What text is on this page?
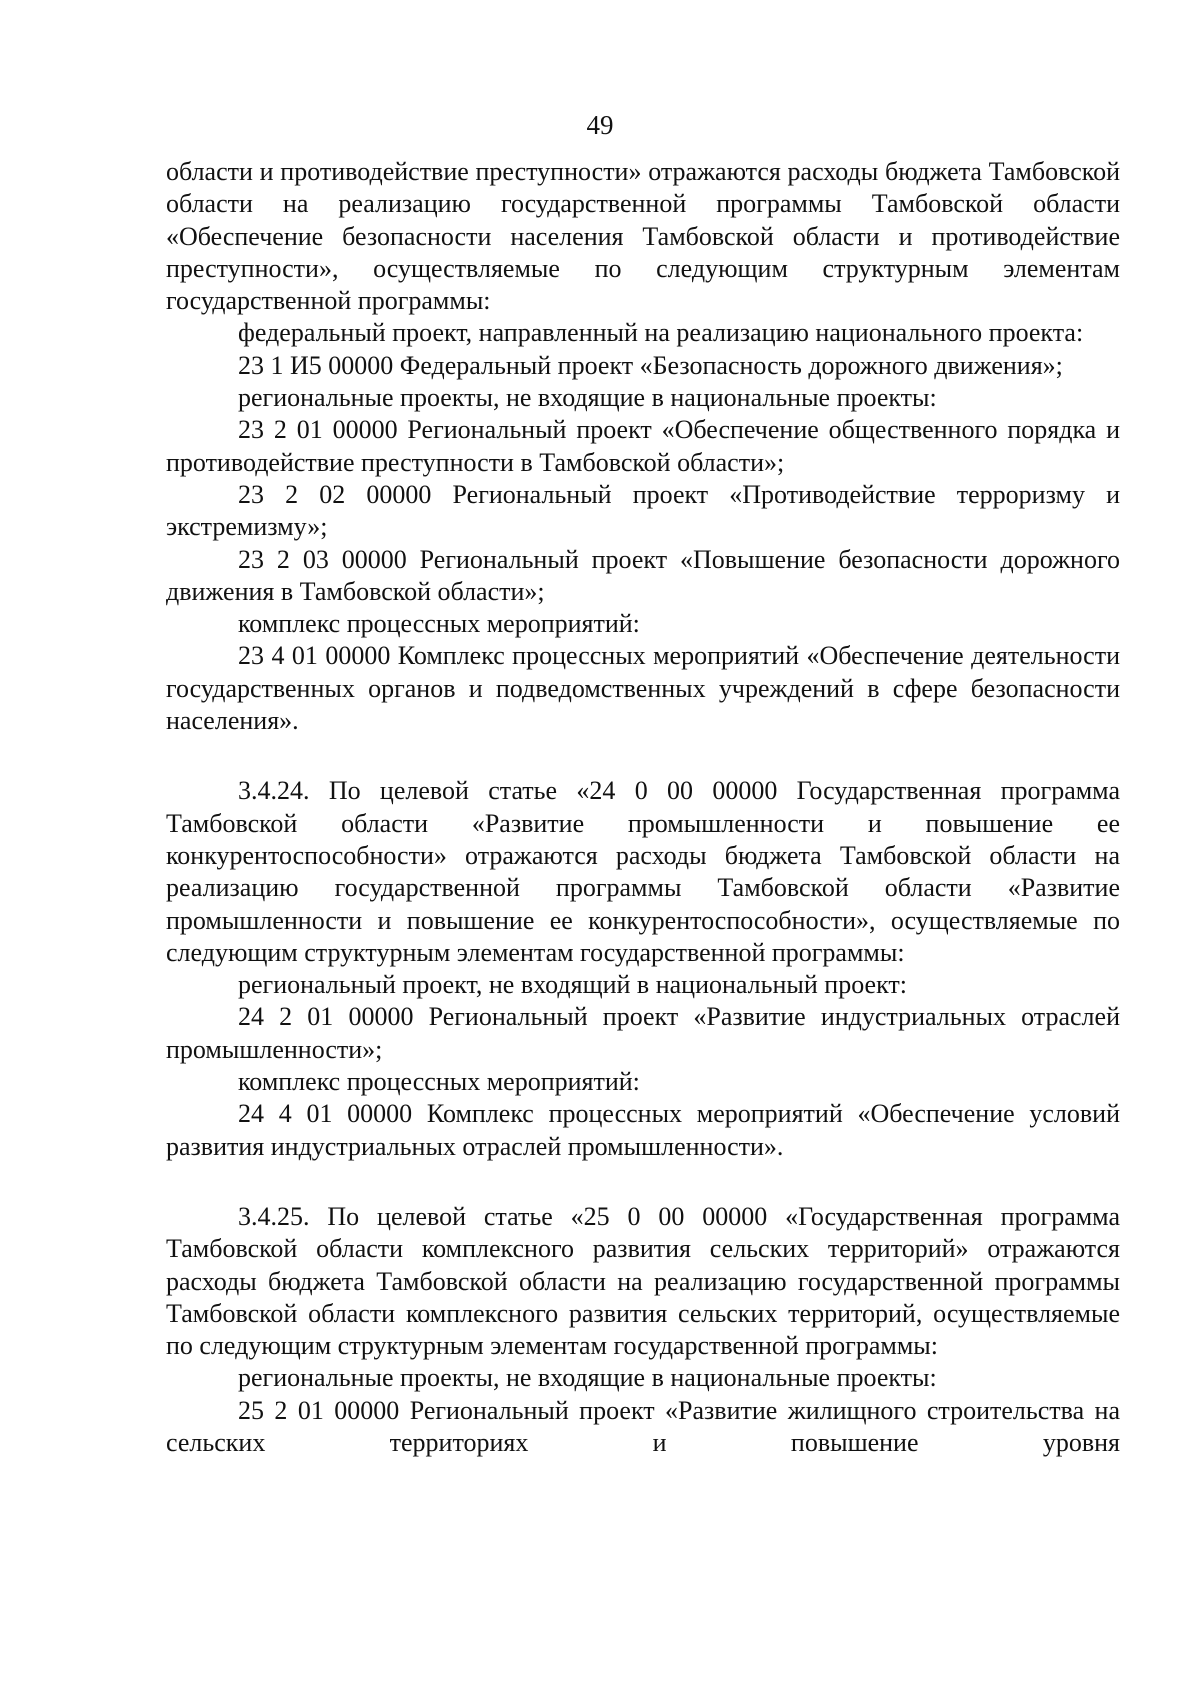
49

области и противодействие преступности» отражаются расходы бюджета Тамбовской области на реализацию государственной программы Тамбовской области «Обеспечение безопасности населения Тамбовской области и противодействие преступности», осуществляемые по следующим структурным элементам государственной программы:

федеральный проект, направленный на реализацию национального проекта:

23 1 И5 00000 Федеральный проект «Безопасность дорожного движения»;

региональные проекты, не входящие в национальные проекты:

23 2 01 00000 Региональный проект «Обеспечение общественного порядка и противодействие преступности в Тамбовской области»;

23 2 02 00000 Региональный проект «Противодействие терроризму и экстремизму»;

23 2 03 00000 Региональный проект «Повышение безопасности дорожного движения в Тамбовской области»;

комплекс процессных мероприятий:

23 4 01 00000 Комплекс процессных мероприятий «Обеспечение деятельности государственных органов и подведомственных учреждений в сфере безопасности населения».

3.4.24. По целевой статье «24 0 00 00000 Государственная программа Тамбовской области «Развитие промышленности и повышение ее конкурентоспособности» отражаются расходы бюджета Тамбовской области на реализацию государственной программы Тамбовской области «Развитие промышленности и повышение ее конкурентоспособности», осуществляемые по следующим структурным элементам государственной программы:

региональный проект, не входящий в национальный проект:

24 2 01 00000 Региональный проект «Развитие индустриальных отраслей промышленности»;

комплекс процессных мероприятий:

24 4 01 00000 Комплекс процессных мероприятий «Обеспечение условий развития индустриальных отраслей промышленности».

3.4.25. По целевой статье «25 0 00 00000 «Государственная программа Тамбовской области комплексного развития сельских территорий» отражаются расходы бюджета Тамбовской области на реализацию государственной программы Тамбовской области комплексного развития сельских территорий, осуществляемые по следующим структурным элементам государственной программы:

региональные проекты, не входящие в национальные проекты:

25 2 01 00000 Региональный проект «Развитие жилищного строительства на сельских территориях и повышение уровня
